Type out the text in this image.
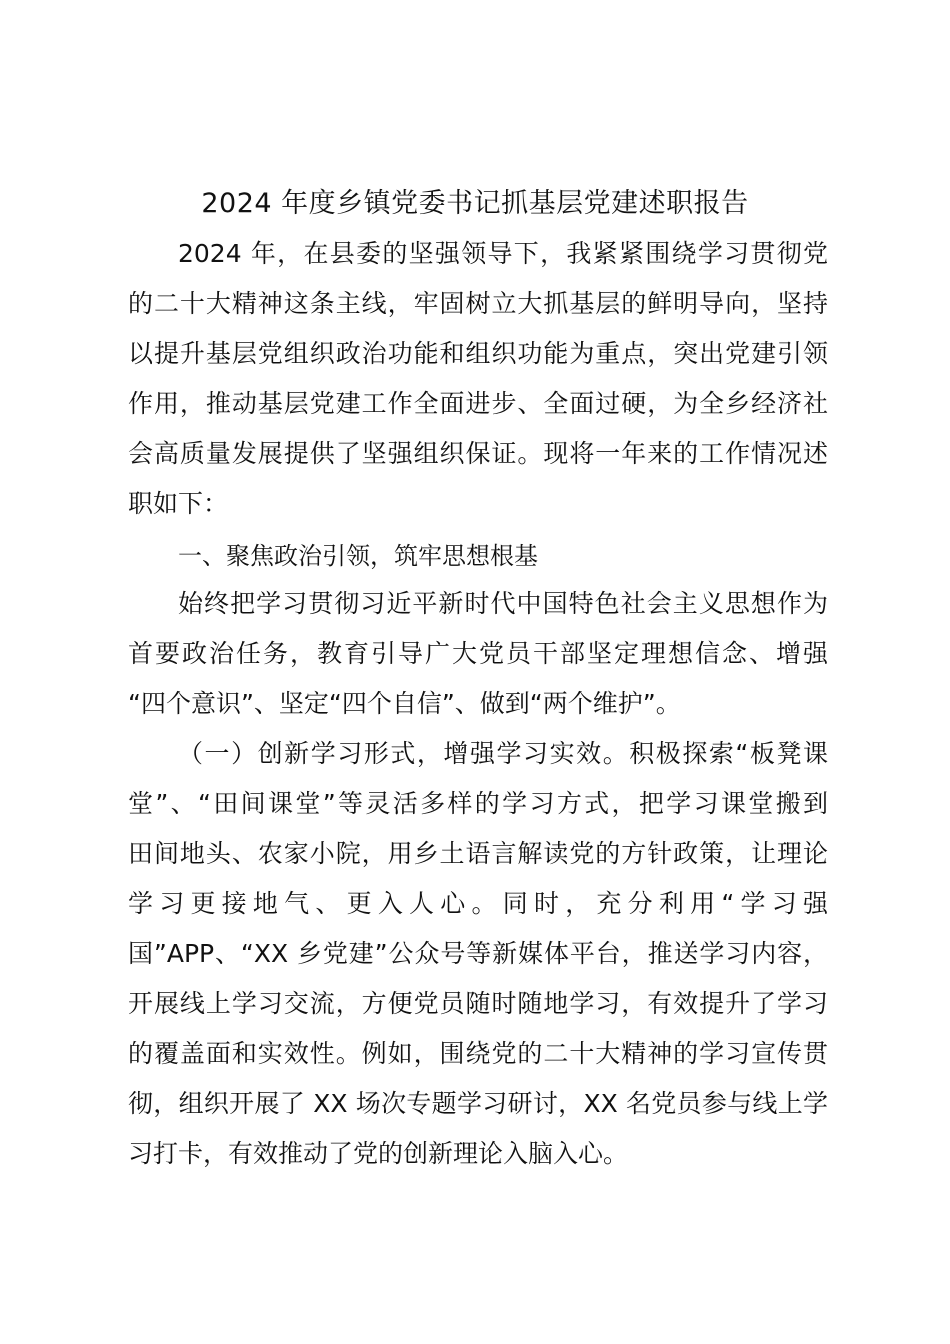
2024 年度乡镇党委书记抓基层党建述职报告
2024 年，在县委的坚强领导下，我紧紧围绕学习贯彻党
的二十大精神这条主线，牢固树立大抓基层的鲜明导向，坚持
以提升基层党组织政治功能和组织功能为重点，突出党建引领
作用，推动基层党建工作全面进步、全面过硬，为全乡经济社
会高质量发展提供了坚强组织保证。现将一年来的工作情况述
职如下：
一、聚焦政治引领，筑牢思想根基
始终把学习贯彻习近平新时代中国特色社会主义思想作为
首要政治任务，教育引导广大党员干部坚定理想信念、增强
“四个意识”、坚定“四个自信”、做到“两个维护”。
（一）创新学习形式，增强学习实效。积极探索“板凳课
堂”、“田间课堂”等灵活多样的学习方式，把学习课堂搬到
田间地头、农家小院，用乡土语言解读党的方针政策，让理论
学习更接地气、更入人心。同时，充分利用“学习强
国”APP、“XX 乡党建”公众号等新媒体平台，推送学习内容，
开展线上学习交流，方便党员随时随地学习，有效提升了学习
的覆盖面和实效性。例如，围绕党的二十大精神的学习宣传贯
彻，组织开展了 XX 场次专题学习研讨，XX 名党员参与线上学
习打卡，有效推动了党的创新理论入脑入心。
